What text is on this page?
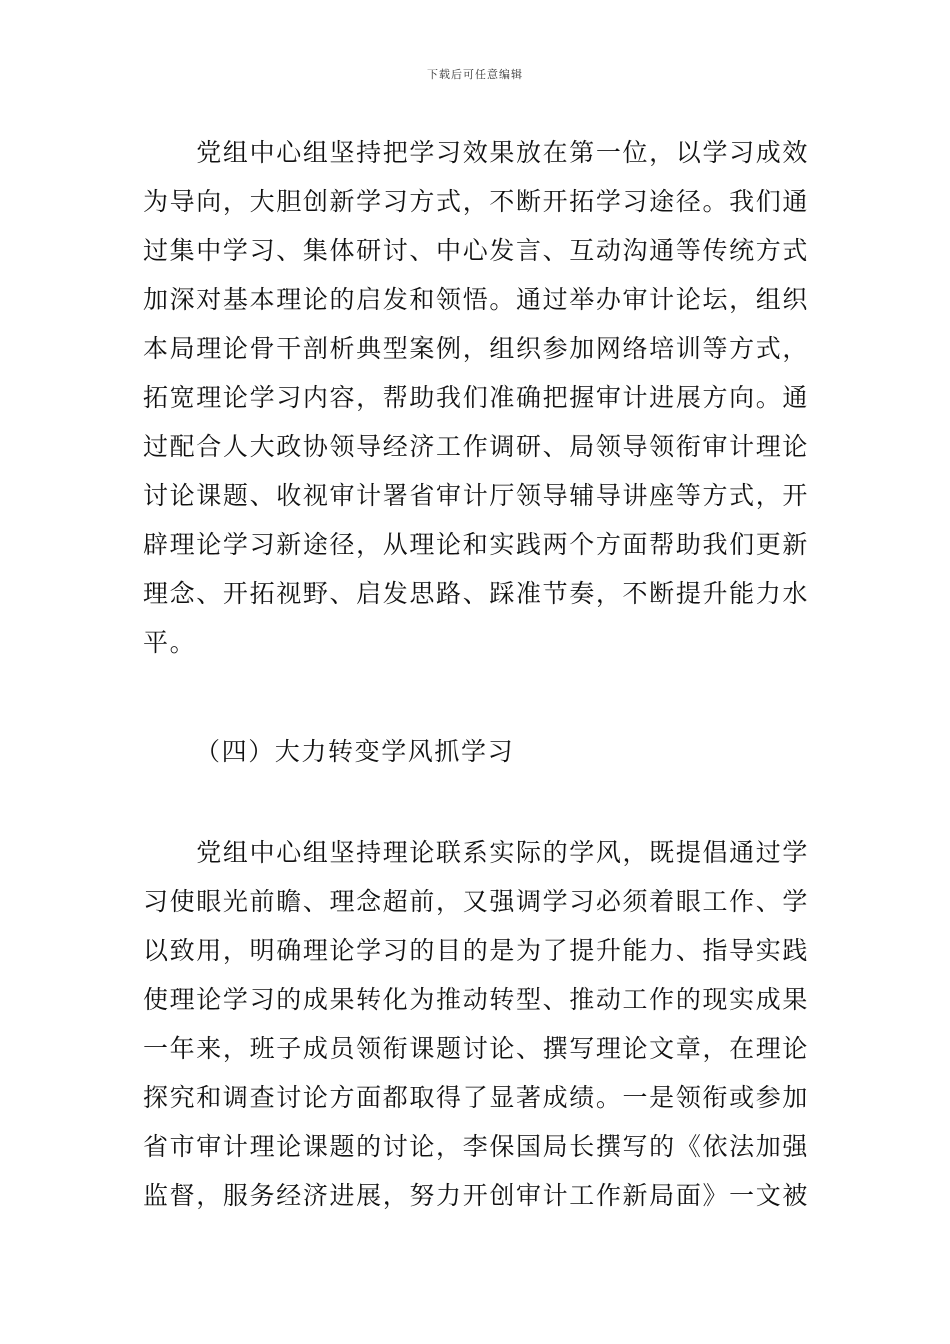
下载后可任意编辑
　　党组中心组坚持把学习效果放在第一位，以学习成效
为导向，大胆创新学习方式，不断开拓学习途径。我们通
过集中学习、集体研讨、中心发言、互动沟通等传统方式
加深对基本理论的启发和领悟。通过举办审计论坛，组织
本局理论骨干剖析典型案例，组织参加网络培训等方式，
拓宽理论学习内容，帮助我们准确把握审计进展方向。通
过配合人大政协领导经济工作调研、局领导领衔审计理论
讨论课题、收视审计署省审计厅领导辅导讲座等方式，开
辟理论学习新途径，从理论和实践两个方面帮助我们更新
理念、开拓视野、启发思路、踩准节奏，不断提升能力水
平。
（四）大力转变学风抓学习
　　党组中心组坚持理论联系实际的学风，既提倡通过学
习使眼光前瞻、理念超前，又强调学习必须着眼工作、学
以致用，明确理论学习的目的是为了提升能力、指导实践
使理论学习的成果转化为推动转型、推动工作的现实成果
一年来，班子成员领衔课题讨论、撰写理论文章，在理论
探究和调查讨论方面都取得了显著成绩。一是领衔或参加
省市审计理论课题的讨论，李保国局长撰写的《依法加强
监督，服务经济进展，努力开创审计工作新局面》一文被
